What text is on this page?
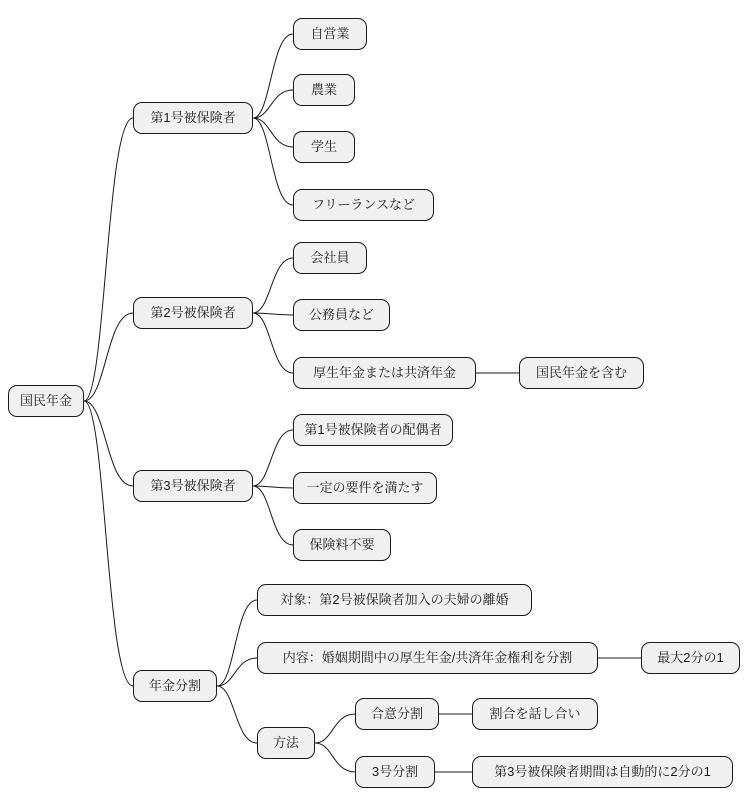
国民年金
第1号被保険者
自営業
農業
学生
フリーランスなど
第2号被保険者
会社員
公務員など
厚生年金または共済年金	国民年金を含む
第3号被保険者
第1号被保険者の配偶者
一定の要件を満たす
保険料不要
年金分割
対象：第2号被保険者加入の夫婦の離婚
内容：婚姻期間中の厚生年金/共済年金権利を分割	最大2分の1
方法
合意分割	割合を話し合い
3号分割	第3号被保険者期間は自動的に2分の1
